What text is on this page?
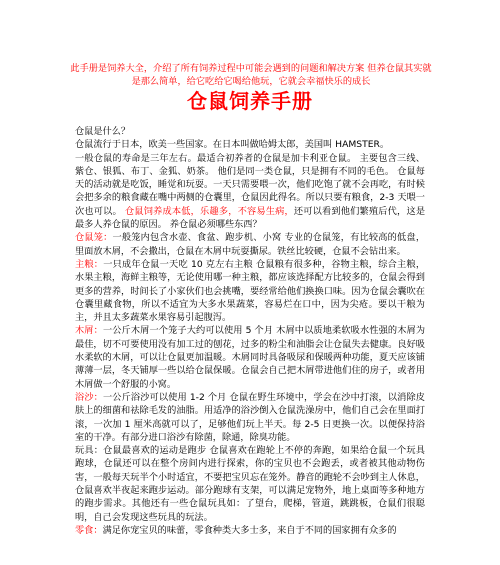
此手册是饲养大全，介绍了所有饲养过程中可能会遇到的问题和解决方案 但养仓鼠其实就是那么简单，给它吃给它喝给他玩，它就会幸福快乐的成长
仓鼠饲养手册

仓鼠是什么？

仓鼠流行于日本，欧美一些国家。在日本叫做哈姆太郎，美国叫 HAMSTER。

一般仓鼠的寿命是三年左右。最适合初养者的仓鼠是加卡利亚仓鼠。 主要包含三线、紫仓、银狐、布丁、金狐、奶茶。 他们是同一类仓鼠，只是拥有不同的毛色。 仓鼠每天的活动就是吃饭，睡觉和玩耍。一天只需要喂一次，他们吃饱了就不会再吃，有时候会把多余的粮食藏在嘴中两侧的仓囊里，仓鼠因此得名。所以只要有粮食，2-3 天喂一次也可以。 仓鼠饲养成本低，乐趣多，不容易生病，还可以看到他们繁殖后代，这是最多人养仓鼠的原因。 养仓鼠必须哪些东西？

仓鼠笼：一般笼内包含水壶、食盆、跑步机、小窝 专业的仓鼠笼，有比较高的低盘，里面放木屑，不会撒出，仓鼠在木屑中玩耍撕尿。铁丝比较硬，仓鼠不会钻出来。

主粮：一只成年仓鼠一天吃 10 克左右主粮 仓鼠粮有很多种，谷物主粮，综合主粮，水果主粮，海鲜主粮等，无论使用哪一种主粮，都应该选择配方比较多的，仓鼠会得到更多的营养，时间长了小家伙们也会挑嘴，要经常给他们换换口味。因为仓鼠会囊吹在仓囊里藏食物，所以不适宜为大多水果蔬菜，容易烂在口中，因为尖疮。要以干粮为主，并且太多蔬菜水果容易引起腹泻。

木屑：一公斤木屑一个笼子大约可以使用 5 个月 木屑中以质地柔软吸水性强的木屑为最佳，切不可要使用没有加工过的刨花，过多的粉尘和油脂会让仓鼠失去健康。良好吸水柔软的木屑，可以让仓鼠更加温暖。木屑同时具备吸尿和保暖两种功能，夏天应该铺薄薄一层，冬天铺厚一些以给仓鼠保暖。仓鼠会自己把木屑带进他们住的房子，或者用木屑做一个舒服的小窝。

浴沙：一公斤浴沙可以使用 1-2 个月 仓鼠在野生环境中，学会在沙中打滚，以消除皮肤上的细菌和祛除毛发的油脂。用适净的浴沙倒入仓鼠洗澡房中，他们自己会在里面打滚，一次加 1 厘米高就可以了，足够他们玩上半天。每 2-5 日更换一次。以便保持浴室的干净。有部分进口浴沙有除菌，除通，除臭功能。

玩具：仓鼠最喜欢的运动是跑步 仓鼠喜欢在跑轮上不停的奔跑，如果给仓鼠一个玩具跑球，仓鼠还可以在整个房间内进行探索，你的宝贝也不会跑丢，或者被其他动物伤害，一般每天玩半个小时适宜，不要把宝贝忘在笼外。静音的跑轮不会吵到主人休息，仓鼠喜欢半夜起来跑步运动。部分跑球有支架，可以满足宠物外，地上桌面等多种地方的跑步需求。其他还有一些仓鼠玩具如：了望台，爬梯，管道，跳跳板，仓鼠们很聪明，自己会发现这些玩具的玩法。

零食：满足你宠宝贝的味蕾，零食种类大多士多，来自于不同的国家拥有众多的
